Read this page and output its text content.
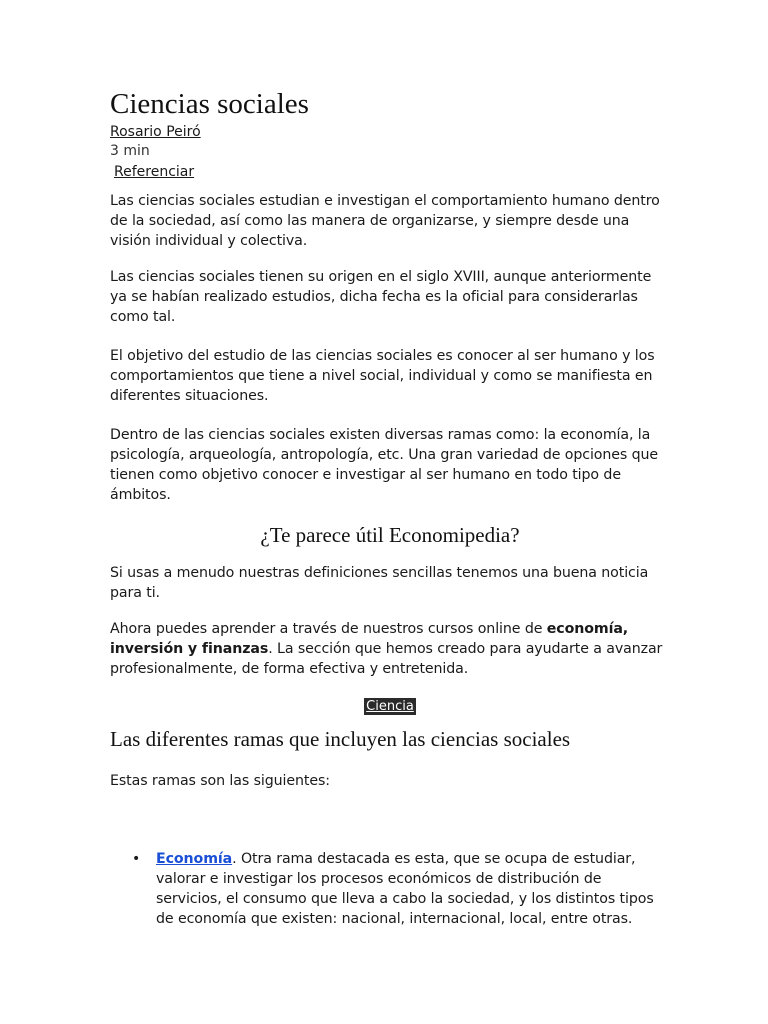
Ciencias sociales
Rosario Peiró
3 min
Referenciar

Las ciencias sociales estudian e investigan el comportamiento humano dentro de la sociedad, así como las manera de organizarse, y siempre desde una visión individual y colectiva.

Las ciencias sociales tienen su origen en el siglo XVIII, aunque anteriormente ya se habían realizado estudios, dicha fecha es la oficial para considerarlas como tal.

El objetivo del estudio de las ciencias sociales es conocer al ser humano y los comportamientos que tiene a nivel social, individual y como se manifiesta en diferentes situaciones.

Dentro de las ciencias sociales existen diversas ramas como: la economía, la psicología, arqueología, antropología, etc. Una gran variedad de opciones que tienen como objetivo conocer e investigar al ser humano en todo tipo de ámbitos.

¿Te parece útil Economipedia?

Si usas a menudo nuestras definiciones sencillas tenemos una buena noticia para ti.

Ahora puedes aprender a través de nuestros cursos online de economía, inversión y finanzas. La sección que hemos creado para ayudarte a avanzar profesionalmente, de forma efectiva y entretenida.

Ciencia
Las diferentes ramas que incluyen las ciencias sociales

Estas ramas son las siguientes:

• Economía. Otra rama destacada es esta, que se ocupa de estudiar, valorar e investigar los procesos económicos de distribución de servicios, el consumo que lleva a cabo la sociedad, y los distintos tipos de economía que existen: nacional, internacional, local, entre otras.
